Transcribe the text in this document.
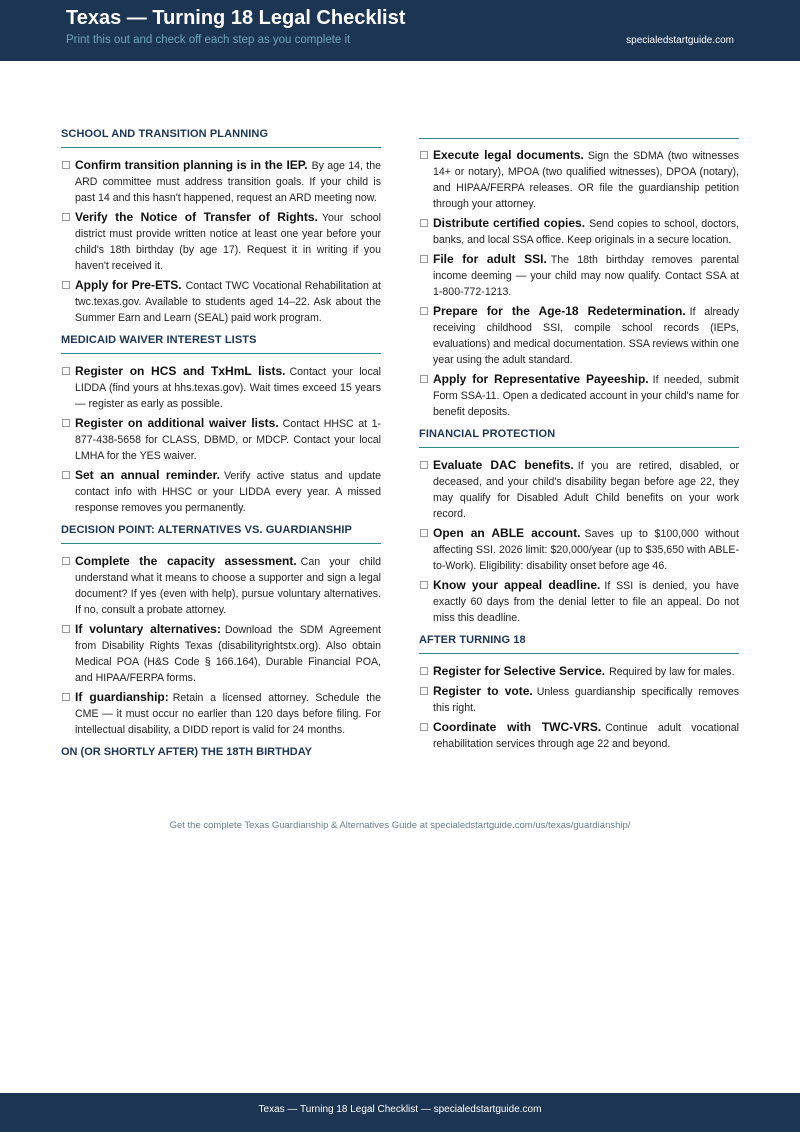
Texas — Turning 18 Legal Checklist
Print this out and check off each step as you complete it	specialedstartguide.com
SCHOOL AND TRANSITION PLANNING
Confirm transition planning is in the IEP. By age 14, the ARD committee must address transition goals. If your child is past 14 and this hasn't happened, request an ARD meeting now.
Verify the Notice of Transfer of Rights. Your school district must provide written notice at least one year before your child's 18th birthday (by age 17). Request it in writing if you haven't received it.
Apply for Pre-ETS. Contact TWC Vocational Rehabilitation at twc.texas.gov. Available to students aged 14–22. Ask about the Summer Earn and Learn (SEAL) paid work program.
MEDICAID WAIVER INTEREST LISTS
Register on HCS and TxHmL lists. Contact your local LIDDA (find yours at hhs.texas.gov). Wait times exceed 15 years — register as early as possible.
Register on additional waiver lists. Contact HHSC at 1-877-438-5658 for CLASS, DBMD, or MDCP. Contact your local LMHA for the YES waiver.
Set an annual reminder. Verify active status and update contact info with HHSC or your LIDDA every year. A missed response removes you permanently.
DECISION POINT: ALTERNATIVES VS. GUARDIANSHIP
Complete the capacity assessment. Can your child understand what it means to choose a supporter and sign a legal document? If yes (even with help), pursue voluntary alternatives. If no, consult a probate attorney.
If voluntary alternatives: Download the SDM Agreement from Disability Rights Texas (disabilityrightstx.org). Also obtain Medical POA (H&S Code § 166.164), Durable Financial POA, and HIPAA/FERPA forms.
If guardianship: Retain a licensed attorney. Schedule the CME — it must occur no earlier than 120 days before filing. For intellectual disability, a DIDD report is valid for 24 months.
ON (OR SHORTLY AFTER) THE 18TH BIRTHDAY
Execute legal documents. Sign the SDMA (two witnesses 14+ or notary), MPOA (two qualified witnesses), DPOA (notary), and HIPAA/FERPA releases. OR file the guardianship petition through your attorney.
Distribute certified copies. Send copies to school, doctors, banks, and local SSA office. Keep originals in a secure location.
File for adult SSI. The 18th birthday removes parental income deeming — your child may now qualify. Contact SSA at 1-800-772-1213.
Prepare for the Age-18 Redetermination. If already receiving childhood SSI, compile school records (IEPs, evaluations) and medical documentation. SSA reviews within one year using the adult standard.
Apply for Representative Payeeship. If needed, submit Form SSA-11. Open a dedicated account in your child's name for benefit deposits.
FINANCIAL PROTECTION
Evaluate DAC benefits. If you are retired, disabled, or deceased, and your child's disability began before age 22, they may qualify for Disabled Adult Child benefits on your work record.
Open an ABLE account. Saves up to $100,000 without affecting SSI. 2026 limit: $20,000/year (up to $35,650 with ABLE-to-Work). Eligibility: disability onset before age 46.
Know your appeal deadline. If SSI is denied, you have exactly 60 days from the denial letter to file an appeal. Do not miss this deadline.
AFTER TURNING 18
Register for Selective Service. Required by law for males.
Register to vote. Unless guardianship specifically removes this right.
Coordinate with TWC-VRS. Continue adult vocational rehabilitation services through age 22 and beyond.
Get the complete Texas Guardianship & Alternatives Guide at specialedstartguide.com/us/texas/guardianship/
Texas — Turning 18 Legal Checklist — specialedstartguide.com
